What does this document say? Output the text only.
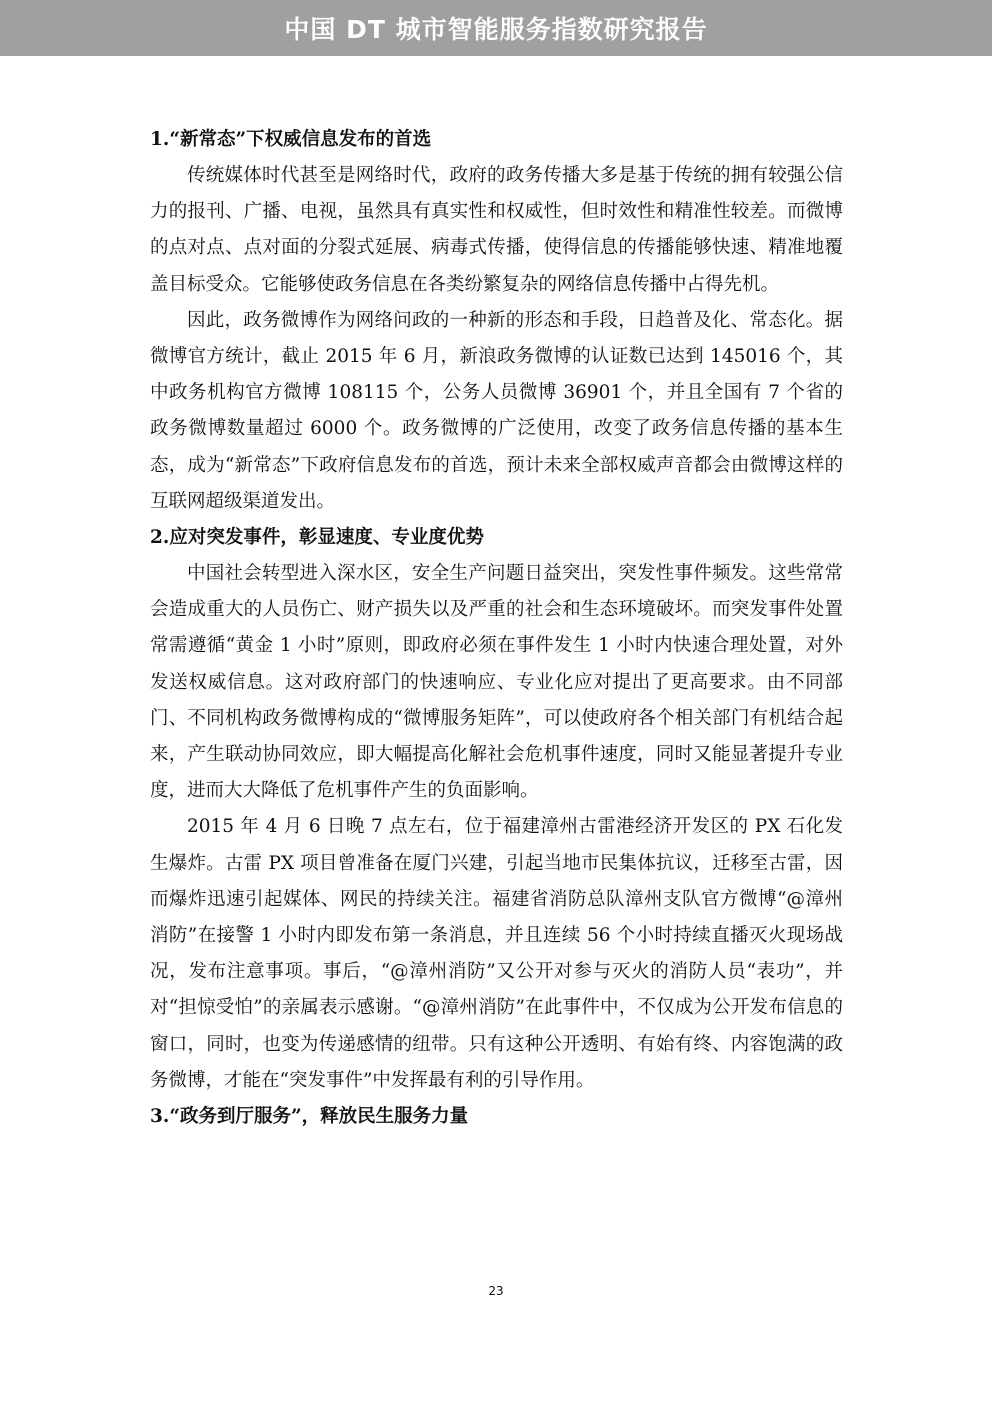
中国 DT 城市智能服务指数研究报告

1.“新常态”下权威信息发布的首选

传统媒体时代甚至是网络时代，政府的政务传播大多是基于传统的拥有较强公信力的报刊、广播、电视，虽然具有真实性和权威性，但时效性和精准性较差。而微博的点对点、点对面的分裂式延展、病毒式传播，使得信息的传播能够快速、精准地覆盖目标受众。它能够使政务信息在各类纷繁复杂的网络信息传播中占得先机。

因此，政务微博作为网络问政的一种新的形态和手段，日趋普及化、常态化。据微博官方统计，截止 2015 年 6 月，新浪政务微博的认证数已达到 145016 个，其中政务机构官方微博 108115 个，公务人员微博 36901 个，并且全国有 7 个省的政务微博数量超过 6000 个。政务微博的广泛使用，改变了政务信息传播的基本生态，成为“新常态”下政府信息发布的首选，预计未来全部权威声音都会由微博这样的互联网超级渠道发出。

2.应对突发事件，彰显速度、专业度优势

中国社会转型进入深水区，安全生产问题日益突出，突发性事件频发。这些常常会造成重大的人员伤亡、财产损失以及严重的社会和生态环境破坏。而突发事件处置常需遵循“黄金 1 小时”原则，即政府必须在事件发生 1 小时内快速合理处置，对外发送权威信息。这对政府部门的快速响应、专业化应对提出了更高要求。由不同部门、不同机构政务微博构成的“微博服务矩阵”，可以使政府各个相关部门有机结合起来，产生联动协同效应，即大幅提高化解社会危机事件速度，同时又能显著提升专业度，进而大大降低了危机事件产生的负面影响。

2015 年 4 月 6 日晚 7 点左右，位于福建漳州古雷港经济开发区的 PX 石化发生爆炸。古雷 PX 项目曾准备在厦门兴建，引起当地市民集体抗议，迁移至古雷，因而爆炸迅速引起媒体、网民的持续关注。福建省消防总队漳州支队官方微博“@漳州消防”在接警 1 小时内即发布第一条消息，并且连续 56 个小时持续直播灭火现场战况，发布注意事项。事后，“@漳州消防”又公开对参与灭火的消防人员“表功”，并对“担惊受怕”的亲属表示感谢。“@漳州消防”在此事件中，不仅成为公开发布信息的窗口，同时，也变为传递感情的纽带。只有这种公开透明、有始有终、内容饱满的政务微博，才能在“突发事件”中发挥最有利的引导作用。

3.“政务到厅服务”，释放民生服务力量

23
